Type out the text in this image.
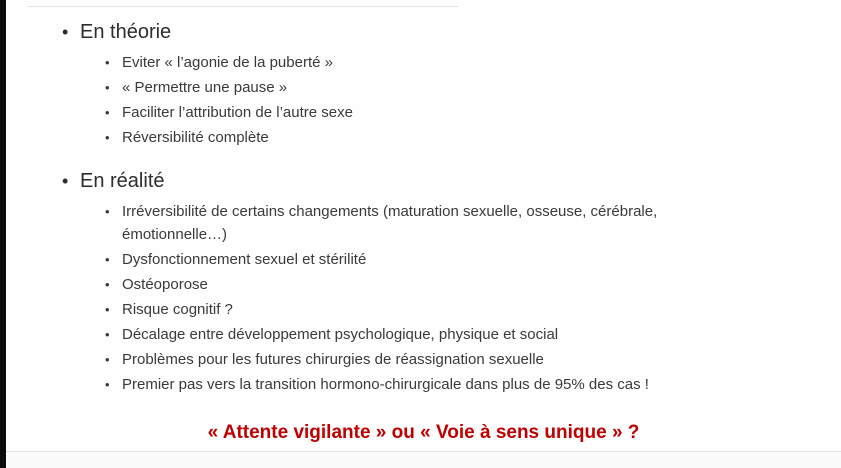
• En théorie
• Eviter « l’agonie de la puberté »
• « Permettre une pause »
• Faciliter l’attribution de l’autre sexe
• Réversibilité complète
• En réalité
• Irréversibilité de certains changements (maturation sexuelle, osseuse, cérébrale, émotionnelle…)
• Dysfonctionnement sexuel et stérilité
• Ostéoporose
• Risque cognitif ?
• Décalage entre développement psychologique, physique et social
• Problèmes pour les futures chirurgies de réassignation sexuelle
• Premier pas vers la transition hormono-chirurgicale dans plus de 95% des cas !
« Attente vigilante » ou « Voie à sens unique » ?
